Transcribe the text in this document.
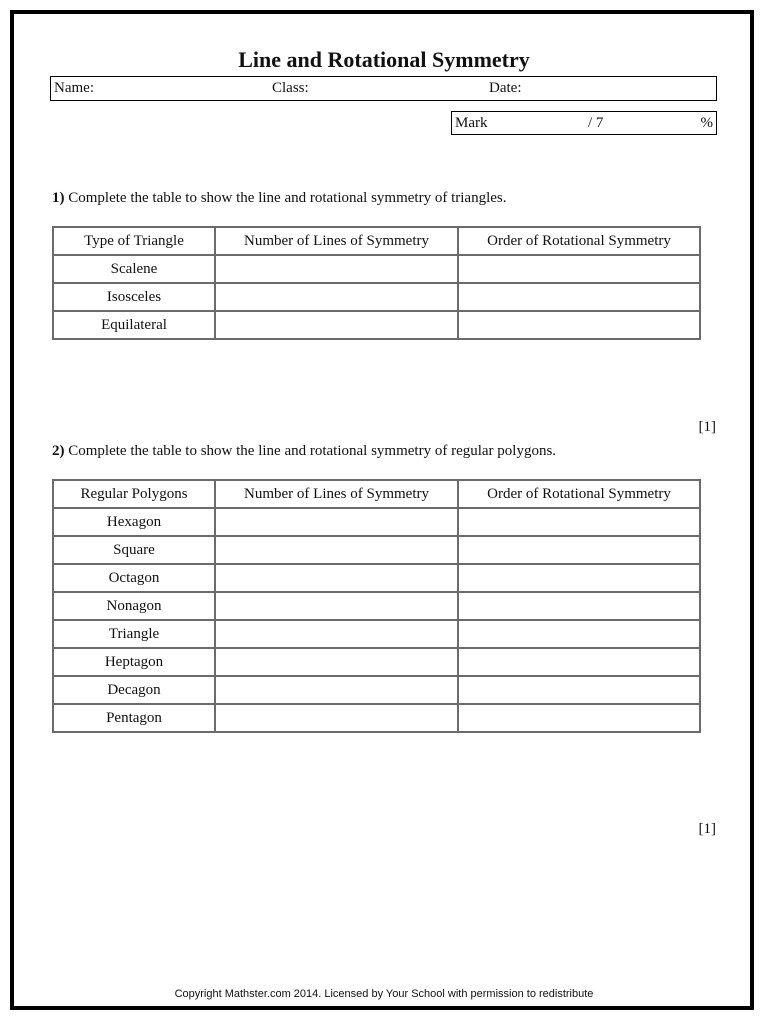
Line and Rotational Symmetry
Name:	Class:	Date:
Mark	/ 7	%
1) Complete the table to show the line and rotational symmetry of triangles.
Type of Triangle	Number of Lines of Symmetry	Order of Rotational Symmetry
Scalene		
Isosceles		
Equilateral		
[1]
2) Complete the table to show the line and rotational symmetry of regular polygons.
Regular Polygons	Number of Lines of Symmetry	Order of Rotational Symmetry
Hexagon		
Square		
Octagon		
Nonagon		
Triangle		
Heptagon		
Decagon		
Pentagon		
[1]
Copyright Mathster.com 2014. Licensed by Your School with permission to redistribute
